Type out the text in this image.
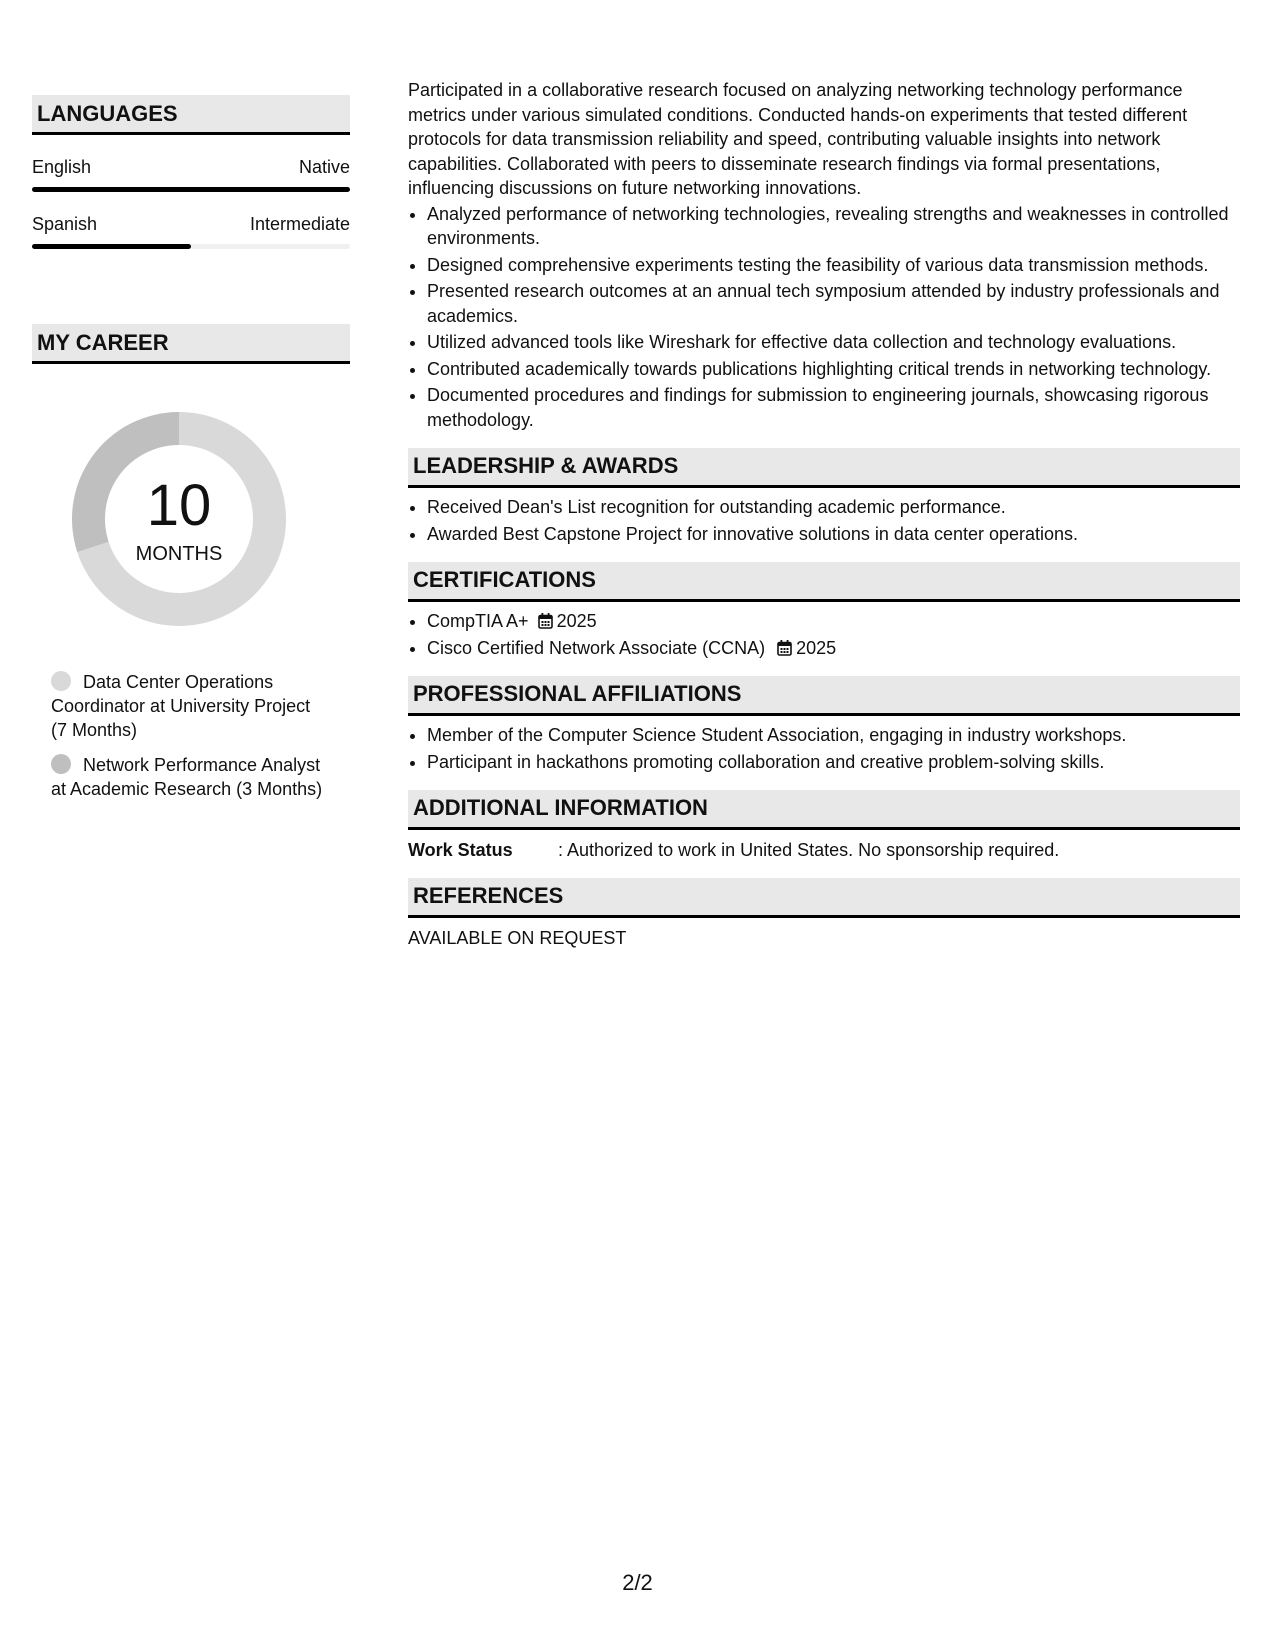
LANGUAGES
English	Native
Spanish	Intermediate
MY CAREER
10
MONTHS
Data Center Operations Coordinator at University Project (7 Months)
Network Performance Analyst at Academic Research (3 Months)

Participated in a collaborative research focused on analyzing networking technology performance metrics under various simulated conditions. Conducted hands-on experiments that tested different protocols for data transmission reliability and speed, contributing valuable insights into network capabilities. Collaborated with peers to disseminate research findings via formal presentations, influencing discussions on future networking innovations.

• Analyzed performance of networking technologies, revealing strengths and weaknesses in controlled environments.
• Designed comprehensive experiments testing the feasibility of various data transmission methods.
• Presented research outcomes at an annual tech symposium attended by industry professionals and academics.
• Utilized advanced tools like Wireshark for effective data collection and technology evaluations.
• Contributed academically towards publications highlighting critical trends in networking technology.
• Documented procedures and findings for submission to engineering journals, showcasing rigorous methodology.
LEADERSHIP & AWARDS
• Received Dean's List recognition for outstanding academic performance.
• Awarded Best Capstone Project for innovative solutions in data center operations.
CERTIFICATIONS
• CompTIA A+ 2025
• Cisco Certified Network Associate (CCNA) 2025
PROFESSIONAL AFFILIATIONS
• Member of the Computer Science Student Association, engaging in industry workshops.
• Participant in hackathons promoting collaboration and creative problem-solving skills.
ADDITIONAL INFORMATION
Work Status	: Authorized to work in United States. No sponsorship required.
REFERENCES
AVAILABLE ON REQUEST
2/2
